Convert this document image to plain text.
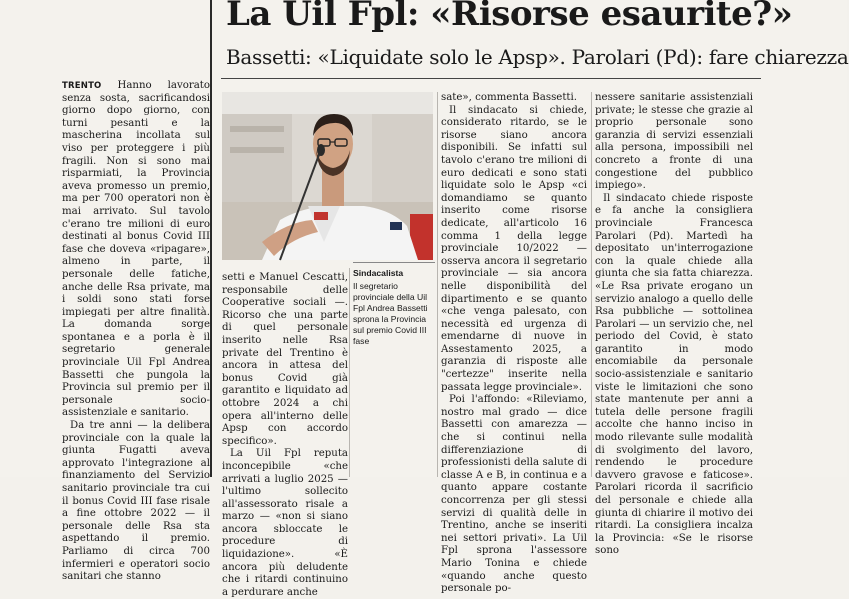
La Uil Fpl: «Risorse esaurite?»
Bassetti: «Liquidate solo le Apsp». Parolari (Pd): fare chiarezza

TRENTO Hanno lavorato senza sosta, sacrificandosi giorno dopo giorno, con turni pesanti e la mascherina incollata sul viso per proteggere i più fragili. Non si sono mai risparmiati, la Provincia aveva promesso un premio, ma per 700 operatori non è mai arrivato. Sul tavolo c'erano tre milioni di euro destinati al bonus Covid III fase che doveva «ripagare», almeno in parte, il personale delle fatiche, anche delle Rsa private, ma i soldi sono stati forse impiegati per altre finalità. La domanda sorge spontanea e a porla è il segretario generale provinciale Uil Fpl Andrea Bassetti che pungola la Provincia sul premio per il personale socio-assistenziale e sanitario.

Da tre anni — la delibera provinciale con la quale la giunta Fugatti aveva approvato l'integrazione al finanziamento del Servizio sanitario provinciale tra cui il bonus Covid III fase risale a fine ottobre 2022 — il personale delle Rsa sta aspettando il premio. Parliamo di circa 700 infermieri e operatori socio sanitari che stanno

setti e Manuel Cescatti, responsabile delle Cooperative sociali —. Ricorso che una parte di quel personale inserito nelle Rsa private del Trentino è ancora in attesa del bonus Covid già garantito e liquidato ad ottobre 2024 a chi opera all'interno delle Apsp con accordo specifico».

La Uil Fpl reputa inconcepibile «che arrivati a luglio 2025 —l'ultimo sollecito all'assessorato risale a marzo — «non si siano ancora sbloccate le procedure di liquidazione». «È ancora più deludente che i ritardi continuino a perdurare anche

Sindacalista
Il segretario provinciale della Uil Fpl Andrea Bassetti sprona la Provincia sul premio Covid III fase

sate», commenta Bassetti.

Il sindacato si chiede, considerato ritardo, se le risorse siano ancora disponibili. Se infatti sul tavolo c'erano tre milioni di euro dedicati e sono stati liquidate solo le Apsp «ci domandiamo se quanto inserito come risorse dedicate, all'articolo 16 comma 1 della legge provinciale 10/2022 — osserva ancora il segretario provinciale — sia ancora nelle disponibilità del dipartimento e se quanto «che venga palesato, con necessità ed urgenza di emendarne di nuove in Assestamento 2025, a garanzia di risposte alle "certezze" inserite nella passata legge provinciale».

Poi l'affondo: «Rileviamo, nostro mal grado — dice Bassetti con amarezza — che si continui nella differenziazione di professionisti della salute di classe A e B, in continua e a quanto appare costante concorrenza per gli stessi servizi di qualità delle in Trentino, anche se inseriti nei settori privati». La Uil Fpl sprona l'assessore Mario Tonina e chiede «quando anche questo personale po-

nessere sanitarie assistenziali private; le stesse che grazie al proprio personale sono garanzia di servizi essenziali alla persona, impossibili nel concreto a fronte di una congestione del pubblico impiego».

Il sindacato chiede risposte e fa anche la consigliera provinciale Francesca Parolari (Pd). Martedì ha depositato un'interrogazione con la quale chiede alla giunta che sia fatta chiarezza. «Le Rsa private erogano un servizio analogo a quello delle Rsa pubbliche — sottolinea Parolari — un servizio che, nel periodo del Covid, è stato garantito in modo encomiabile da personale socio-assistenziale e sanitario viste le limitazioni che sono state mantenute per anni a tutela delle persone fragili accolte che hanno inciso in modo rilevante sulle modalità di svolgimento del lavoro, rendendo le procedure davvero gravose e faticose». Parolari ricorda il sacrificio del personale e chiede alla giunta di chiarire il motivo dei ritardi. La consigliera incalza la Provincia: «Se le risorse sono
